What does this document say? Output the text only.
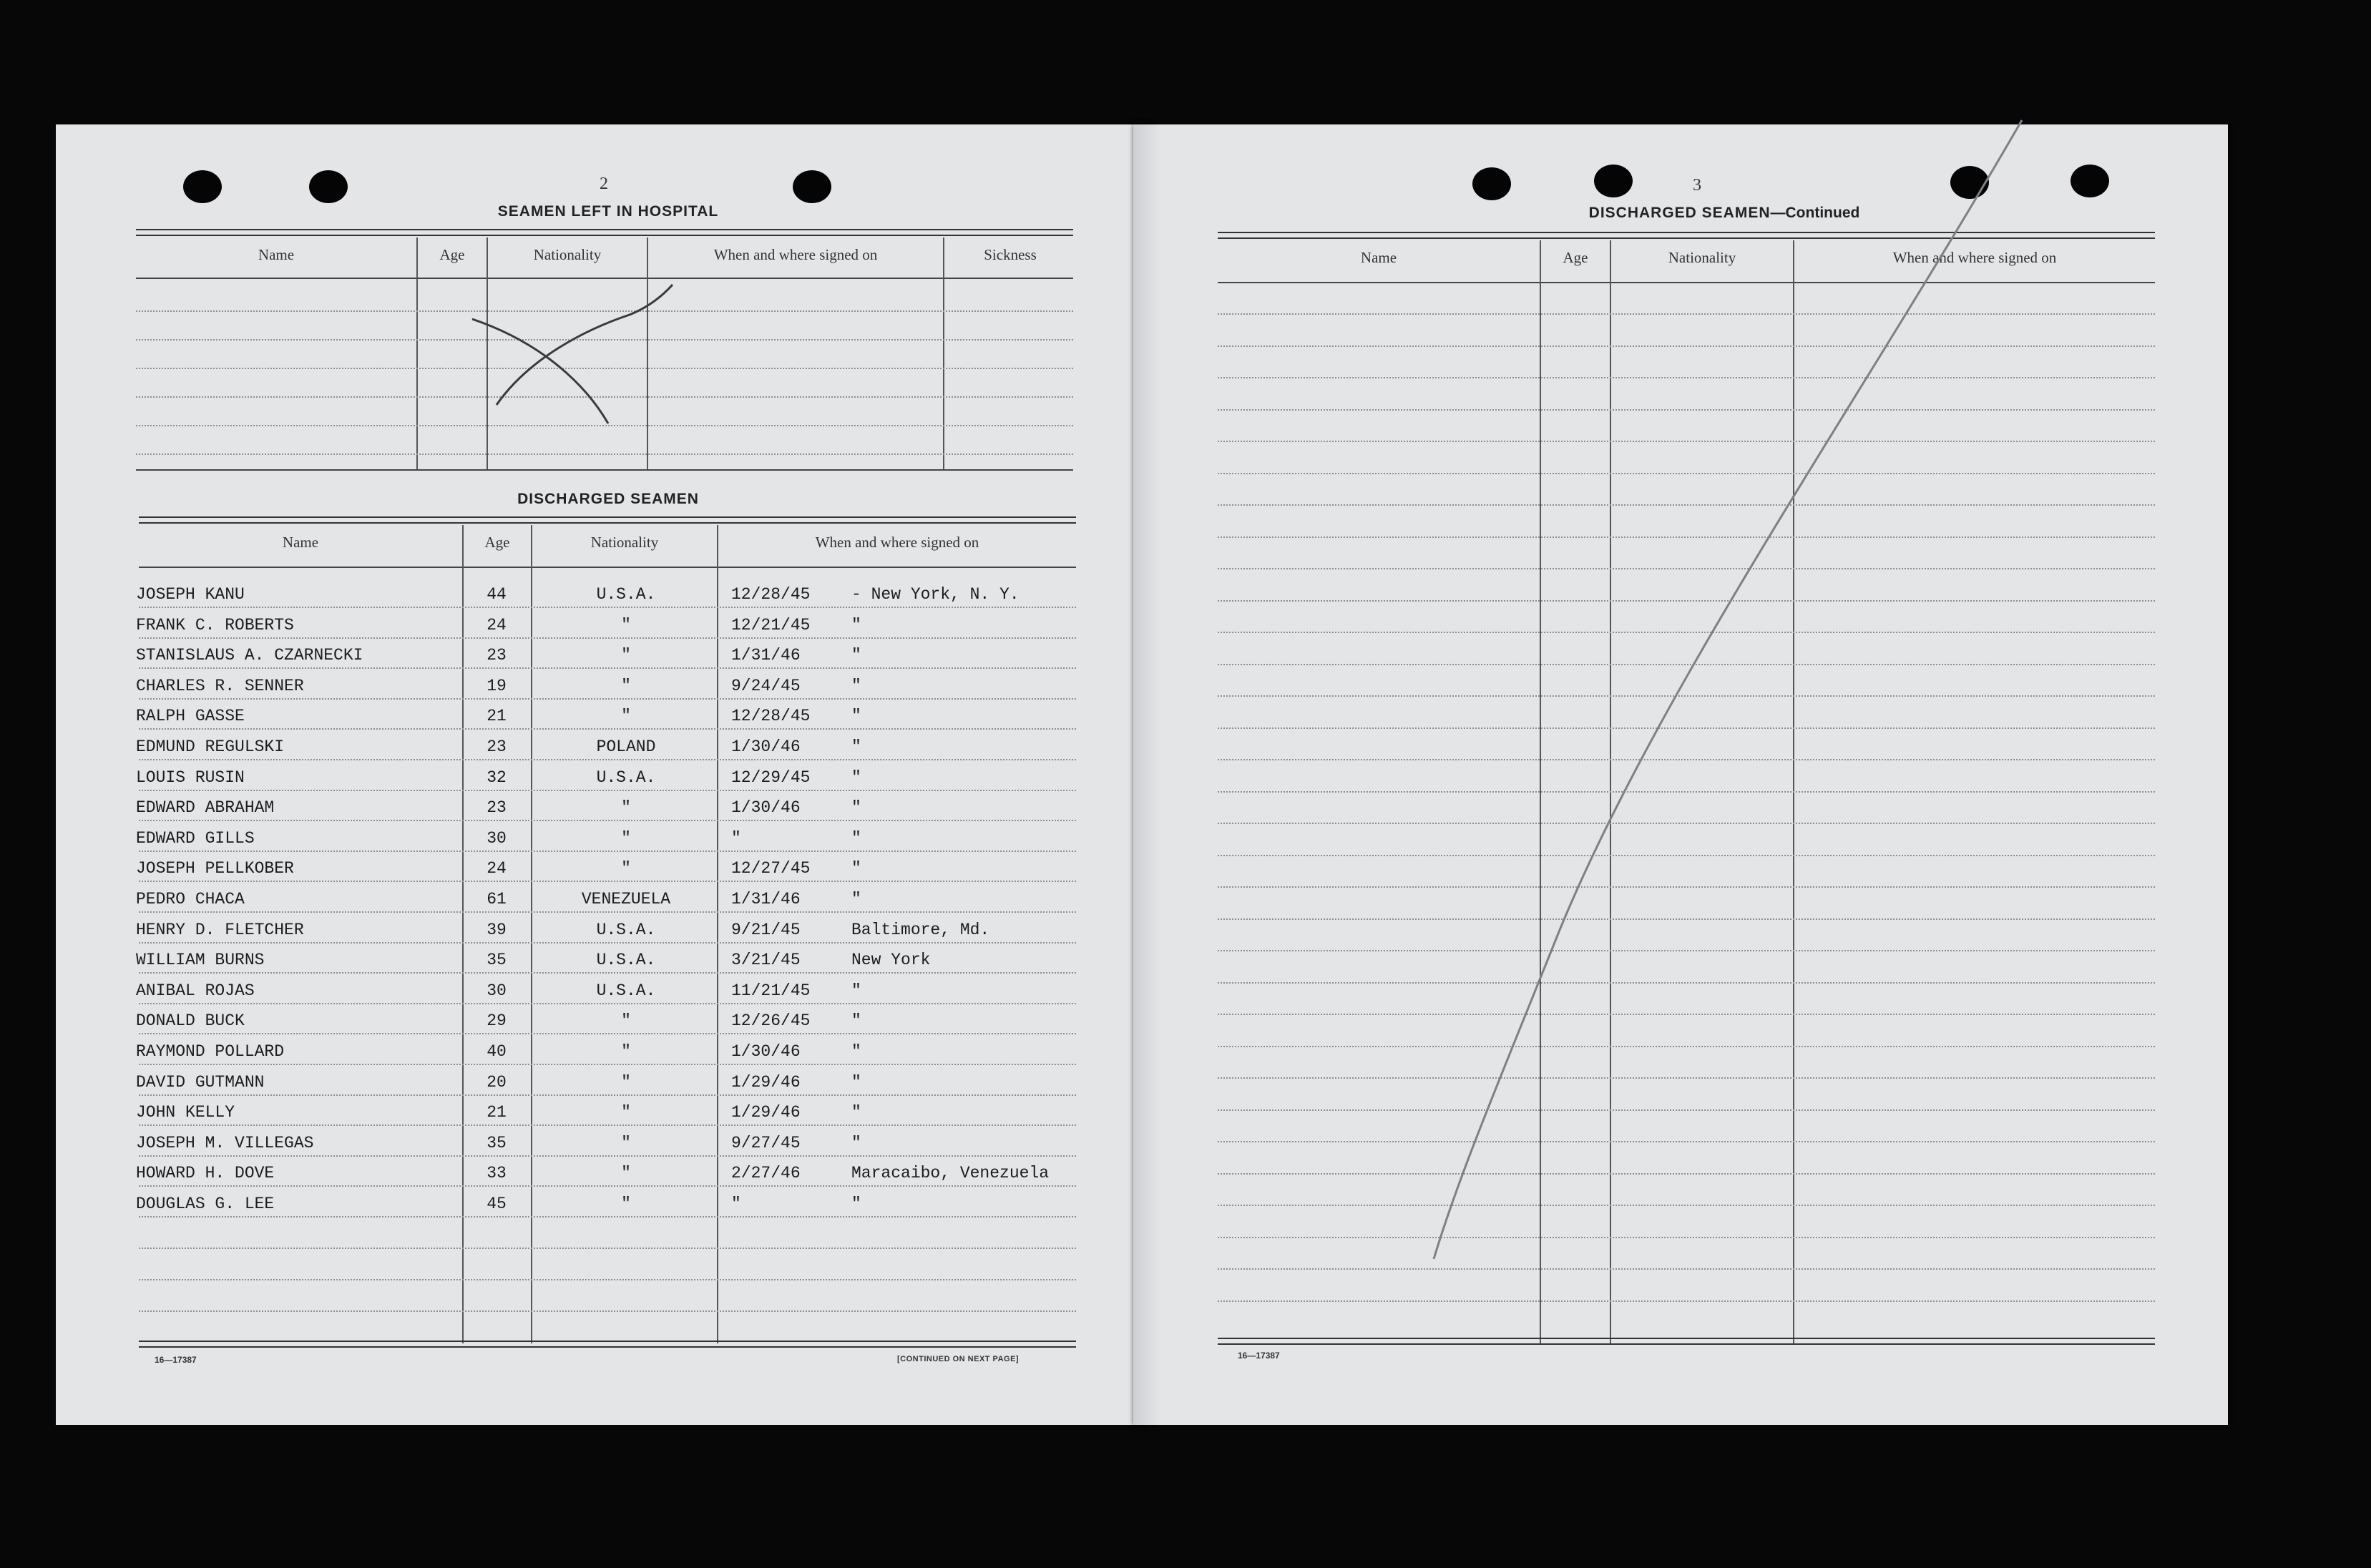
2
SEAMEN LEFT IN HOSPITAL
Name	Age	Nationality	When and where signed on	Sickness
DISCHARGED SEAMEN
Name	Age	Nationality	When and where signed on
JOSEPH KANU	44	U.S.A.	12/28/45	- New York, N. Y.
FRANK C. ROBERTS	24	"	12/21/45	"
STANISLAUS A. CZARNECKI	23	"	1/31/46	"
CHARLES R. SENNER	19	"	9/24/45	"
RALPH GASSE	21	"	12/28/45	"
EDMUND REGULSKI	23	POLAND	1/30/46	"
LOUIS RUSIN	32	U.S.A.	12/29/45	"
EDWARD ABRAHAM	23	"	1/30/46	"
EDWARD GILLS	30	"	"	"
JOSEPH PELLKOBER	24	"	12/27/45	"
PEDRO CHACA	61	VENEZUELA	1/31/46	"
HENRY D. FLETCHER	39	U.S.A.	9/21/45	Baltimore, Md.
WILLIAM BURNS	35	U.S.A.	3/21/45	New York
ANIBAL ROJAS	30	U.S.A.	11/21/45	"
DONALD BUCK	29	"	12/26/45	"
RAYMOND POLLARD	40	"	1/30/46	"
DAVID GUTMANN	20	"	1/29/46	"
JOHN KELLY	21	"	1/29/46	"
JOSEPH M. VILLEGAS	35	"	9/27/45	"
HOWARD H. DOVE	33	"	2/27/46	Maracaibo, Venezuela
DOUGLAS G. LEE	45	"	"	"
16—17387	[CONTINUED ON NEXT PAGE]
3
DISCHARGED SEAMEN—Continued
Name	Age	Nationality	When and where signed on
16—17387
